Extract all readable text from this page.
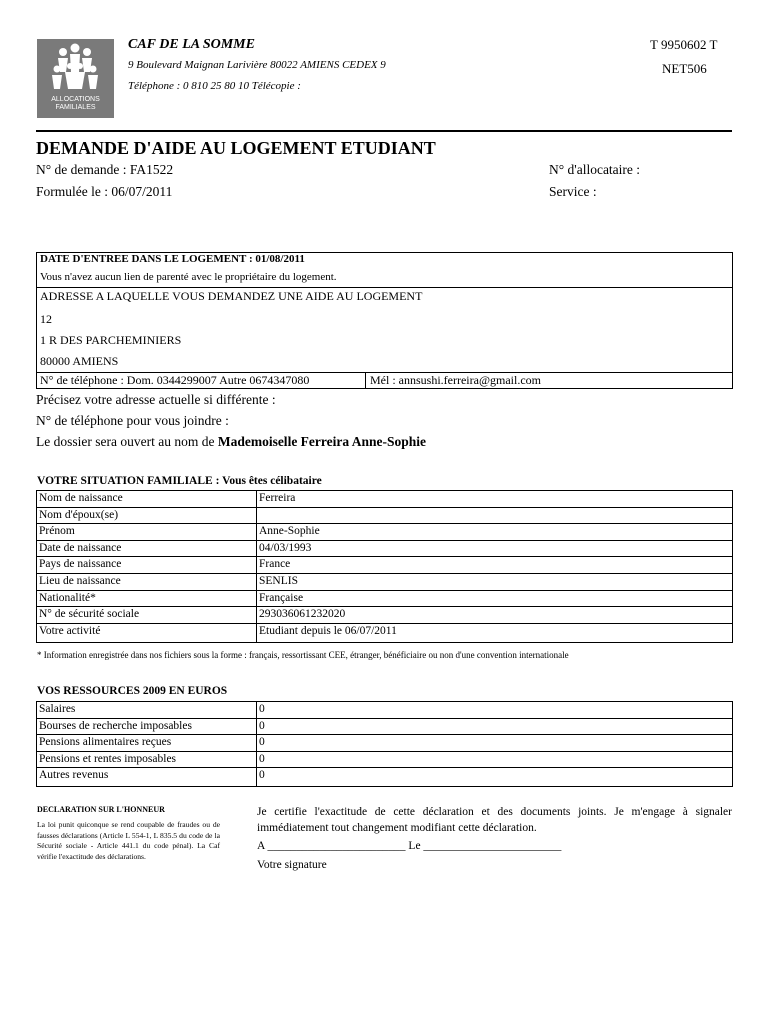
ALLOCATIONS
FAMILIALES
CAF DE LA SOMME
9 Boulevard Maignan Larivière 80022 AMIENS CEDEX 9
Téléphone : 0 810 25 80 10 Télécopie :
T 9950602 T
NET506
DEMANDE D'AIDE AU LOGEMENT ETUDIANT
N° de demande : FA1522
Formulée le : 06/07/2011
N° d'allocataire :
Service :
DATE D'ENTREE DANS LE LOGEMENT : 01/08/2011
Vous n'avez aucun lien de parenté avec le propriétaire du logement.
ADRESSE A LAQUELLE VOUS DEMANDEZ UNE AIDE AU LOGEMENT
12
1 R DES PARCHEMINIERS
80000 AMIENS
N° de téléphone : Dom. 0344299007 Autre 0674347080	Mél : annsushi.ferreira@gmail.com
Précisez votre adresse actuelle si différente :
N° de téléphone pour vous joindre :
Le dossier sera ouvert au nom de Mademoiselle Ferreira Anne-Sophie
VOTRE SITUATION FAMILIALE : Vous êtes célibataire
Nom de naissance	Ferreira
Nom d'époux(se)	
Prénom	Anne-Sophie
Date de naissance	04/03/1993
Pays de naissance	France
Lieu de naissance	SENLIS
Nationalité*	Française
N° de sécurité sociale	293036061232020
Votre activité	Etudiant depuis le 06/07/2011
* Information enregistrée dans nos fichiers sous la forme : français, ressortissant CEE, étranger, bénéficiaire ou non d'une convention internationale
VOS RESSOURCES 2009 EN EUROS
Salaires	0
Bourses de recherche imposables	0
Pensions alimentaires reçues	0
Pensions et rentes imposables	0
Autres revenus	0
DECLARATION SUR L'HONNEUR
La loi punit quiconque se rend coupable de fraudes ou de fausses déclarations (Article L 554-1, L 835.5 du code de la Sécurité sociale - Article 441.1 du code pénal). La Caf vérifie l'exactitude des déclarations.
Je certifie l'exactitude de cette déclaration et des documents joints. Je m'engage à signaler immédiatement tout changement modifiant cette déclaration.
A ________________________ Le ________________________
Votre signature
